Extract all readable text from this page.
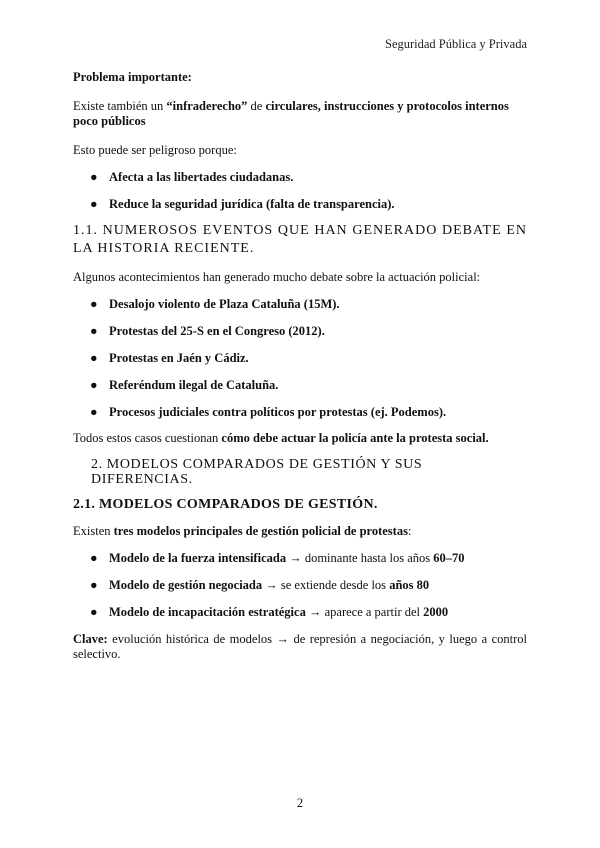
Seguridad Pública y Privada

Problema importante:

Existe también un “infraderecho” de circulares, instrucciones y protocolos internos poco públicos

Esto puede ser peligroso porque:

● Afecta a las libertades ciudadanas.
● Reduce la seguridad jurídica (falta de transparencia).

1.1. NUMEROSOS EVENTOS QUE HAN GENERADO DEBATE EN LA HISTORIA RECIENTE.

Algunos acontecimientos han generado mucho debate sobre la actuación policial:

● Desalojo violento de Plaza Cataluña (15M).
● Protestas del 25-S en el Congreso (2012).
● Protestas en Jaén y Cádiz.
● Referéndum ilegal de Cataluña.
● Procesos judiciales contra políticos por protestas (ej. Podemos).

Todos estos casos cuestionan cómo debe actuar la policía ante la protesta social.

2. MODELOS COMPARADOS DE GESTIÓN Y SUS DIFERENCIAS.

2.1. MODELOS COMPARADOS DE GESTIÓN.

Existen tres modelos principales de gestión policial de protestas:

● Modelo de la fuerza intensificada → dominante hasta los años 60–70
● Modelo de gestión negociada → se extiende desde los años 80
● Modelo de incapacitación estratégica → aparece a partir del 2000

Clave: evolución histórica de modelos → de represión a negociación, y luego a control selectivo.

2
